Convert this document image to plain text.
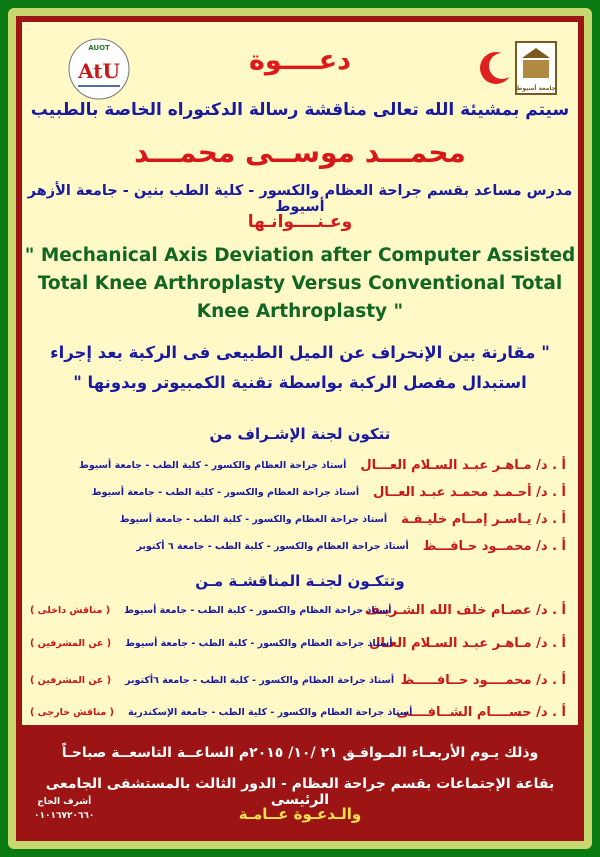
AUOT
AtU
جامعة أسيوط
دعــــوة
سيتم بمشيئة الله تعالى مناقشة رسالة الدكتوراه الخاصة بالطبيب
محمـــد موســى محمـــد
مدرس مساعد بقسم جراحة العظام والكسور - كلية الطب بنين - جامعة الأزهر أسيوط
وعـنــــوانـها
" Mechanical Axis Deviation after Computer Assisted Total Knee Arthroplasty Versus Conventional Total Knee Arthroplasty "
" مقارنة بين الإنحراف عن الميل الطبيعى فى الركبة بعد إجراء استبدال مفصل الركبة بواسطة تقنية الكمبيوتر وبدونها "
تتكون لجنة الإشـراف من
أ . د/ مـاهـر عبـد السـلام العـــال
أستاذ جراحة العظام والكسور - كلية الطب - جامعة أسيوط
أ . د/ أحـمـد محمـد عبـد العــال
أستاذ جراحة العظام والكسور - كلية الطب - جامعة أسيوط
أ . د/ يـاسـر إمــام خليـفـة
أستاذ جراحة العظام والكسور - كلية الطب - جامعة أسيوط
أ . د/ محمــود حـافـــظ
أستاذ جراحة العظام والكسور - كلية الطب - جامعة ٦ أكتوبر
وتتكـون لجنـة المناقشـة مـن
أ . د/ عصـام خلف الله الشـريـف
أستاذ جراحة العظام والكسور - كلية الطب - جامعة أسيوط
( مناقش داخلى )
أ . د/ مـاهـر عبـد السـلام العـال
أستاذ جراحة العظام والكسور - كلية الطب - جامعة أسيوط
( عن المشرفين )
أ . د/ محمــــود حــافـــــظ
أستاذ جراحة العظام والكسور - كلية الطب - جامعة ٦أكتوبر
( عن المشرفين )
أ . د/ حســــام الشــافــــى
أستاذ جراحة العظام والكسور - كلية الطب - جامعة الإسكندرية
( مناقش خارجى )
وذلك يـوم الأربعـاء المـوافـق ٢١ /١٠/ ٢٠١٥م الساعــة التاسعــة صباحـاً
بقاعة الإجتماعات بقسم جراحة العظام - الدور الثالث بالمستشفى الجامعى الرئيسى
والـدعـوة عــامـة
أشرف الحاج
٠١٠١٦٧٢٠٦٦٠
